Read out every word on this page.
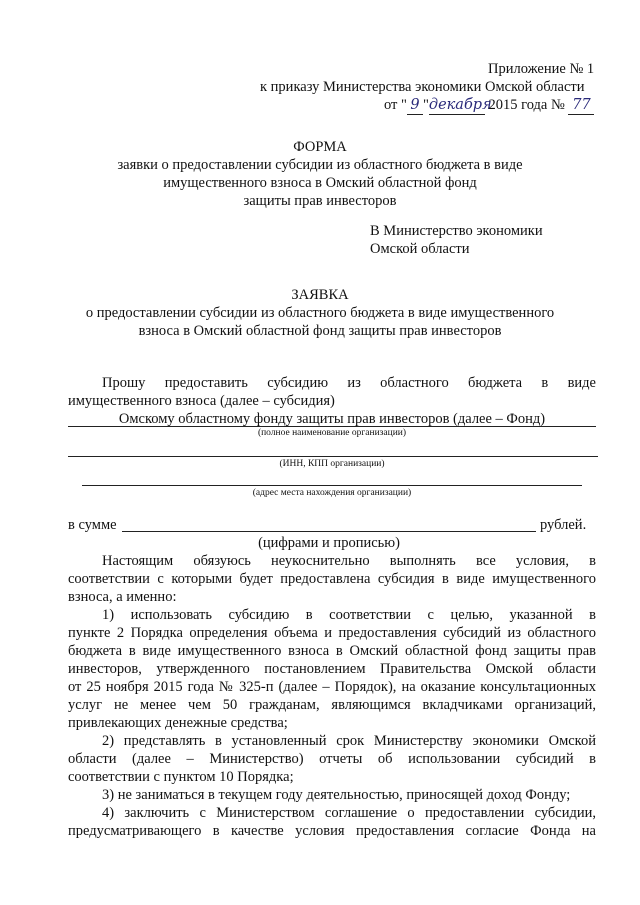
Приложение № 1
к приказу Министерства экономики Омской области
от " 9 "декабря 2015 года № 77
ФОРМА
заявки о предоставлении субсидии из областного бюджета в виде
имущественного взноса в Омский областной фонд
защиты прав инвесторов
В Министерство экономики
Омской области
ЗАЯВКА
о предоставлении субсидии из областного бюджета в виде имущественного
взноса в Омский областной фонд защиты прав инвесторов
Прошу предоставить субсидию из областного бюджета в виде
имущественного взноса (далее – субсидия)
Омскому областному фонду защиты прав инвесторов (далее – Фонд)
(полное наименование организации)
(ИНН, КПП организации)
(адрес места нахождения организации)
в сумме	рублей.
(цифрами и прописью)
Настоящим обязуюсь неукоснительно выполнять все условия, в
соответствии с которыми будет предоставлена субсидия в виде имущественного
взноса, а именно:
1) использовать субсидию в соответствии с целью, указанной в
пункте 2 Порядка определения объема и предоставления субсидий из областного
бюджета в виде имущественного взноса в Омский областной фонд защиты прав
инвесторов, утвержденного постановлением Правительства Омской области
от 25 ноября 2015 года № 325-п (далее – Порядок), на оказание консультационных
услуг не менее чем 50 гражданам, являющимся вкладчиками организаций,
привлекающих денежные средства;
2) представлять в установленный срок Министерству экономики Омской
области (далее – Министерство) отчеты об использовании субсидий в
соответствии с пунктом 10 Порядка;
3) не заниматься в текущем году деятельностью, приносящей доход Фонду;
4) заключить с Министерством соглашение о предоставлении субсидии,
предусматривающего в качестве условия предоставления согласие Фонда на
